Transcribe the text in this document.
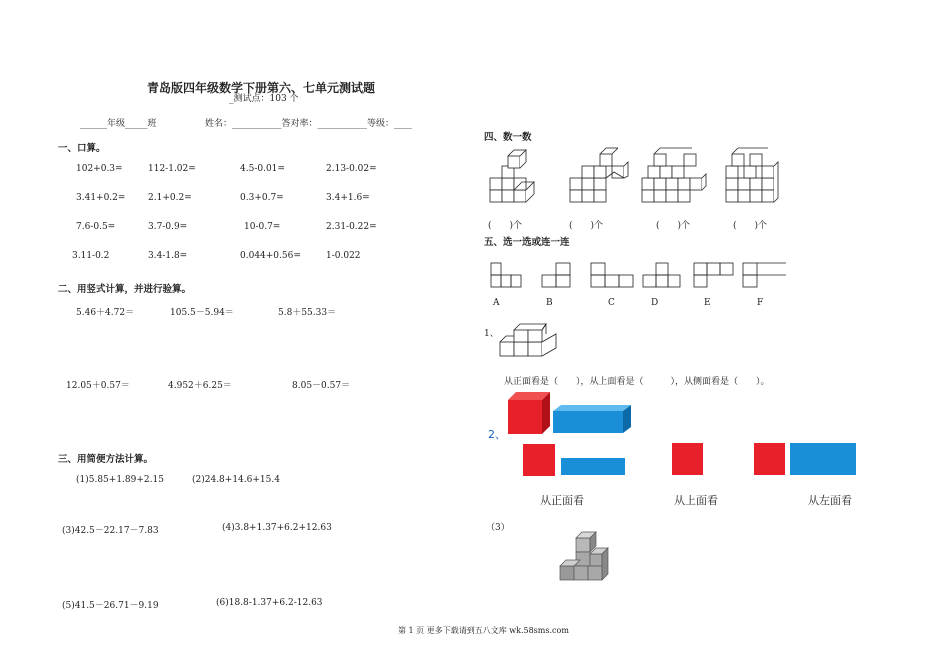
青岛版四年级数学下册第六、七单元测试题
_测试点：103 个
______年级_____班	姓名：___________答对率：___________等级：____
一、口算。
102+0.3=	112-1.02=	4.5-0.01=	2.13-0.02=
3.41+0.2=	2.1+0.2=	0.3+0.7=	3.4+1.6=
7.6-0.5=	3.7-0.9=	10-0.7=	2.31-0.22=
3.11-0.2	3.4-1.8=	0.044+0.56=	1-0.022
二、用竖式计算，并进行验算。
5.46＋4.72＝	105.5－5.94＝	5.8＋55.33＝
12.05＋0.57＝	4.952＋6.25＝	8.05－0.57＝
三、用简便方法计算。
(1)5.85+1.89+2.15	(2)24.8+14.6+15.4
(3)42.5－22.17－7.83	(4)3.8+1.37+6.2+12.63
(5)41.5－26.71－9.19	(6)18.8-1.37+6.2-12.63
四、数一数
(　　)个	(　　)个	(　　)个	(　　)个
五、选一选或连一连
A	B	C	D	E	F
1、
从正面看是（　　），从上面看是（　　　），从侧面看是（　　）。
2、
从正面看	从上面看	从左面看
（3）
第 1 页 更多下载请到五八文库 wk.58sms.com
